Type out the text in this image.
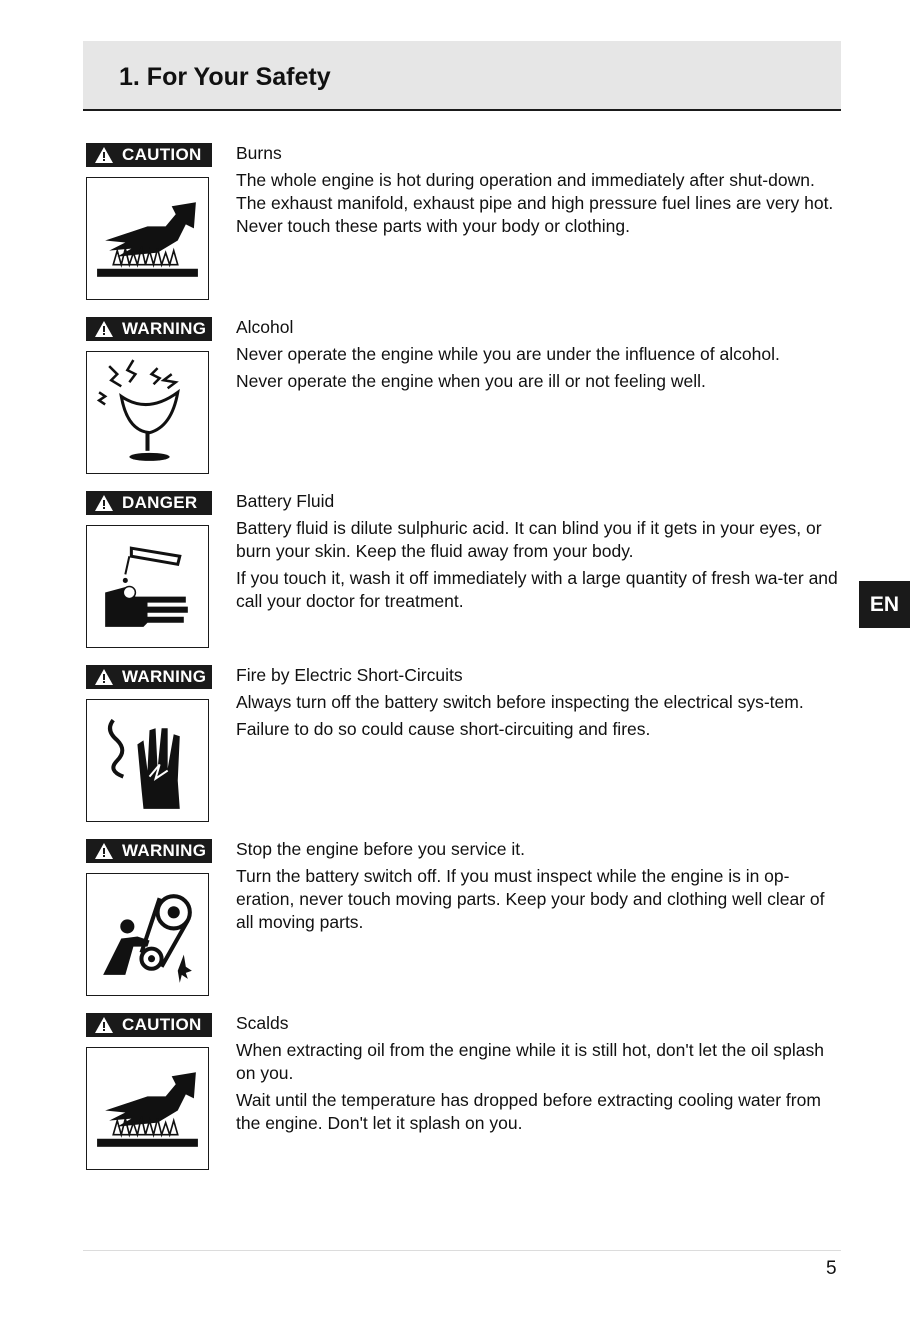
1. For Your Safety
CAUTION Burns

The whole engine is hot during operation and immediately after shut-down. The exhaust manifold, exhaust pipe and high pressure fuel lines are very hot. Never touch these parts with your body or clothing.

WARNING Alcohol

Never operate the engine while you are under the influence of alcohol.

Never operate the engine when you are ill or not feeling well.

DANGER Battery Fluid

Battery fluid is dilute sulphuric acid. It can blind you if it gets in your eyes, or burn your skin. Keep the fluid away from your body.

If you touch it, wash it off immediately with a large quantity of fresh wa-ter and call your doctor for treatment.

WARNING Fire by Electric Short-Circuits

Always turn off the battery switch before inspecting the electrical sys-tem.

Failure to do so could cause short-circuiting and fires.

WARNING Stop the engine before you service it.

Turn the battery switch off. If you must inspect while the engine is in op-eration, never touch moving parts. Keep your body and clothing well clear of all moving parts.

CAUTION Scalds

When extracting oil from the engine while it is still hot, don't let the oil splash on you.

Wait until the temperature has dropped before extracting cooling water from the engine. Don't let it splash on you.

EN
5
